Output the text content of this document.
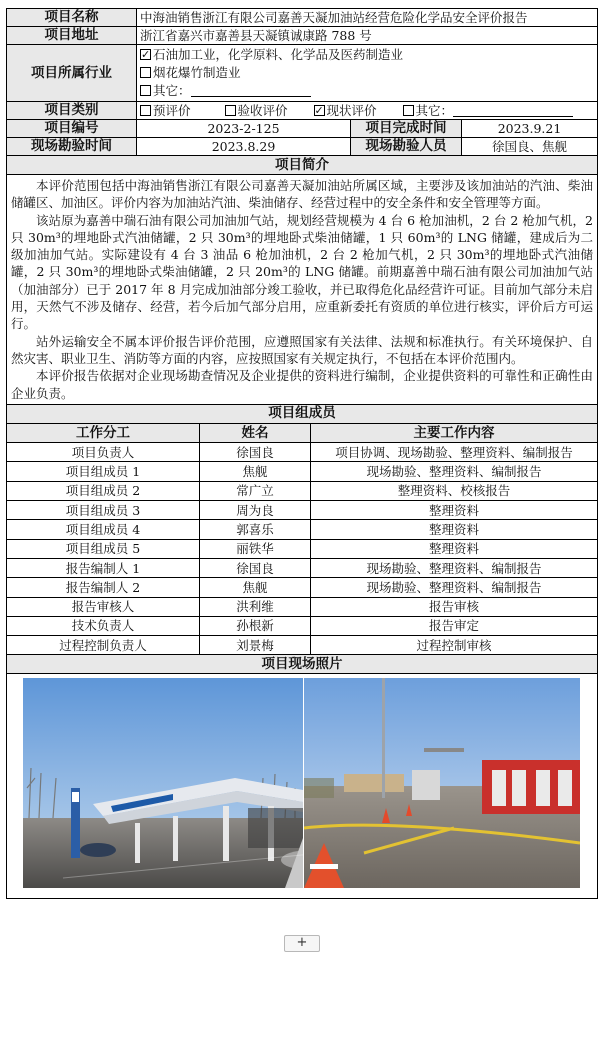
项目名称	中海油销售浙江有限公司嘉善天凝加油站经营危险化学品安全评价报告		
项目地址	浙江省嘉兴市嘉善县天凝镇诚康路 788 号		
项目所属行业	
✓石油加工业，化学原料、化学品及医药制造业
烟花爆竹制造业
其它：

项目类别	预评价 验收评价 ✓ 现状评价 其它：
项目编号	2023-2-125	项目完成时间	2023.9.21
现场勘验时间	2023.8.29	现场勘验人员	徐国良、焦舰
项目简介			

本评价范围包括中海油销售浙江有限公司嘉善天凝加油站所属区域，主要涉及该加油站的汽油、柴油储罐区、加油区。评价内容为加油站汽油、柴油储存、经营过程中的安全条件和安全管理等方面。

该站原为嘉善中瑞石油有限公司加油加气站，规划经营规模为 4 台 6 枪加油机，2 台 2 枪加气机，2 只 30m³的埋地卧式汽油储罐，2 只 30m³的埋地卧式柴油储罐，1 只 60m³的 LNG 储罐，建成后为二级加油加气站。实际建设有 4 台 3 油品 6 枪加油机，2 台 2 枪加气机，2 只 30m³的埋地卧式汽油储罐，2 只 30m³的埋地卧式柴油储罐，2 只 20m³的 LNG 储罐。前期嘉善中瑞石油有限公司加油加气站（加油部分）已于 2017 年 8 月完成加油部分竣工验收，并已取得危化品经营许可证。目前加气部分未启用，天然气不涉及储存、经营，若今后加气部分启用，应重新委托有资质的单位进行核实，评价后方可运行。

站外运输安全不属本评价报告评价范围，应遵照国家有关法律、法规和标准执行。有关环境保护、自然灾害、职业卫生、消防等方面的内容，应按照国家有关规定执行，不包括在本评价范围内。

本评价报告依据对企业现场勘查情况及企业提供的资料进行编制，企业提供资料的可靠性和正确性由企业负责。			

项目组成员		
工作分工	姓名	主要工作内容
项目负责人	徐国良	项目协调、现场勘验、整理资料、编制报告
项目组成员 1	焦舰	现场勘验、整理资料、编制报告
项目组成员 2	常广立	整理资料、校核报告
项目组成员 3	周为良	整理资料
项目组成员 4	郭喜乐	整理资料
项目组成员 5	丽铁华	整理资料
报告编制人 1	徐国良	现场勘验、整理资料、编制报告
报告编制人 2	焦舰	现场勘验、整理资料、编制报告
报告审核人	洪利维	报告审核
技术负责人	孙根新	报告审定
过程控制负责人	刘景梅	过程控制审核
项目现场照片		

+
